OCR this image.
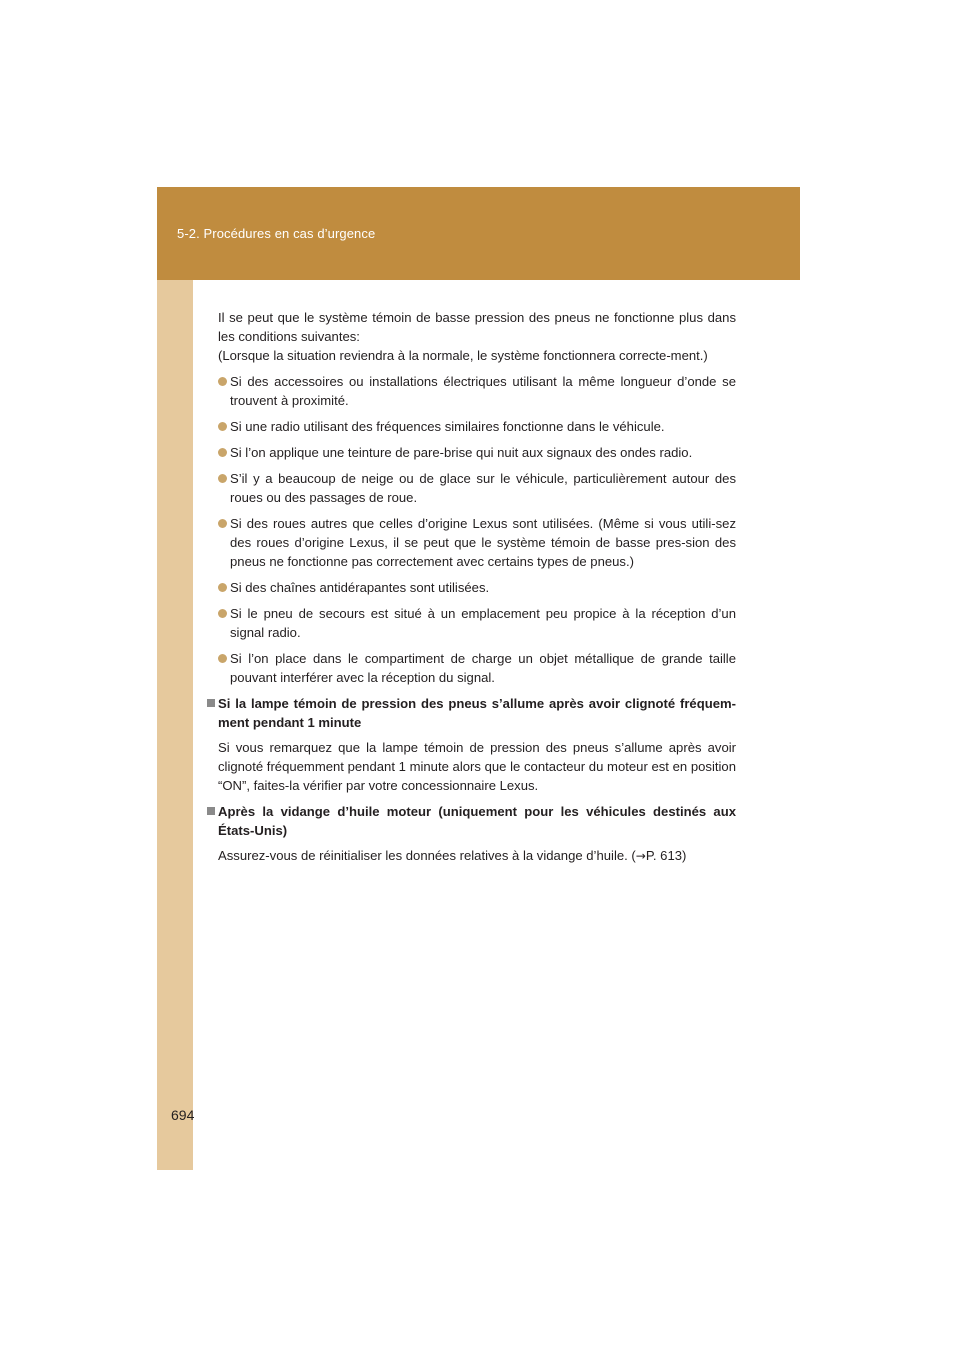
5-2. Procédures en cas d’urgence
694

Il se peut que le système témoin de basse pression des pneus ne fonctionne plus dans les conditions suivantes:
(Lorsque la situation reviendra à la normale, le système fonctionnera correcte-ment.)

Si des accessoires ou installations électriques utilisant la même longueur d’onde se trouvent à proximité.
Si une radio utilisant des fréquences similaires fonctionne dans le véhicule.
Si l’on applique une teinture de pare-brise qui nuit aux signaux des ondes radio.
S’il y a beaucoup de neige ou de glace sur le véhicule, particulièrement autour des roues ou des passages de roue.
Si des roues autres que celles d’origine Lexus sont utilisées. (Même si vous utili-sez des roues d’origine Lexus, il se peut que le système témoin de basse pres-sion des pneus ne fonctionne pas correctement avec certains types de pneus.)
Si des chaînes antidérapantes sont utilisées.
Si le pneu de secours est situé à un emplacement peu propice à la réception d’un signal radio.
Si l’on place dans le compartiment de charge un objet métallique de grande taille pouvant interférer avec la réception du signal.

Si la lampe témoin de pression des pneus s’allume après avoir clignoté fréquem-ment pendant 1 minute

Si vous remarquez que la lampe témoin de pression des pneus s’allume après avoir clignoté fréquemment pendant 1 minute alors que le contacteur du moteur est en position “ON”, faites-la vérifier par votre concessionnaire Lexus.

Après la vidange d’huile moteur (uniquement pour les véhicules destinés aux États-Unis)

Assurez-vous de réinitialiser les données relatives à la vidange d’huile. (→P. 613)
